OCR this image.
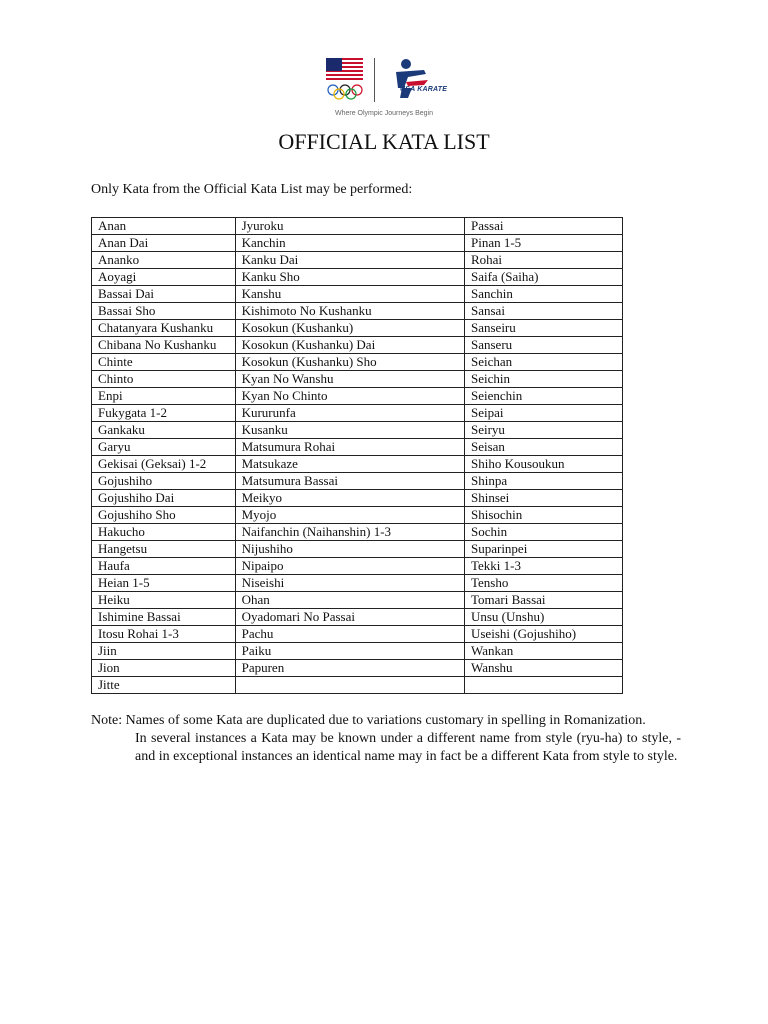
USA KARATE
Where Olympic Journeys Begin
OFFICIAL KATA LIST
Only Kata from the Official Kata List may be performed:
Anan	Jyuroku	Passai
Anan Dai	Kanchin	Pinan 1-5
Ananko	Kanku Dai	Rohai
Aoyagi	Kanku Sho	Saifa (Saiha)
Bassai Dai	Kanshu	Sanchin
Bassai Sho	Kishimoto No Kushanku	Sansai
Chatanyara Kushanku	Kosokun (Kushanku)	Sanseiru
Chibana No Kushanku	Kosokun (Kushanku) Dai	Sanseru
Chinte	Kosokun (Kushanku) Sho	Seichan
Chinto	Kyan No Wanshu	Seichin
Enpi	Kyan No Chinto	Seienchin
Fukygata 1-2	Kururunfa	Seipai
Gankaku	Kusanku	Seiryu
Garyu	Matsumura Rohai	Seisan
Gekisai (Geksai) 1-2	Matsukaze	Shiho Kousoukun
Gojushiho	Matsumura Bassai	Shinpa
Gojushiho Dai	Meikyo	Shinsei
Gojushiho Sho	Myojo	Shisochin
Hakucho	Naifanchin (Naihanshin) 1-3	Sochin
Hangetsu	Nijushiho	Suparinpei
Haufa	Nipaipo	Tekki 1-3
Heian 1-5	Niseishi	Tensho
Heiku	Ohan	Tomari Bassai
Ishimine Bassai	Oyadomari No Passai	Unsu (Unshu)
Itosu Rohai 1-3	Pachu	Useishi (Gojushiho)
Jiin	Paiku	Wankan
Jion	Papuren	Wanshu
Jitte		
Note: Names of some Kata are duplicated due to variations customary in spelling in Romanization.
In several instances a Kata may be known under a different name from style (ryu-ha) to style, - and in exceptional instances an identical name may in fact be a different Kata from style to style.
